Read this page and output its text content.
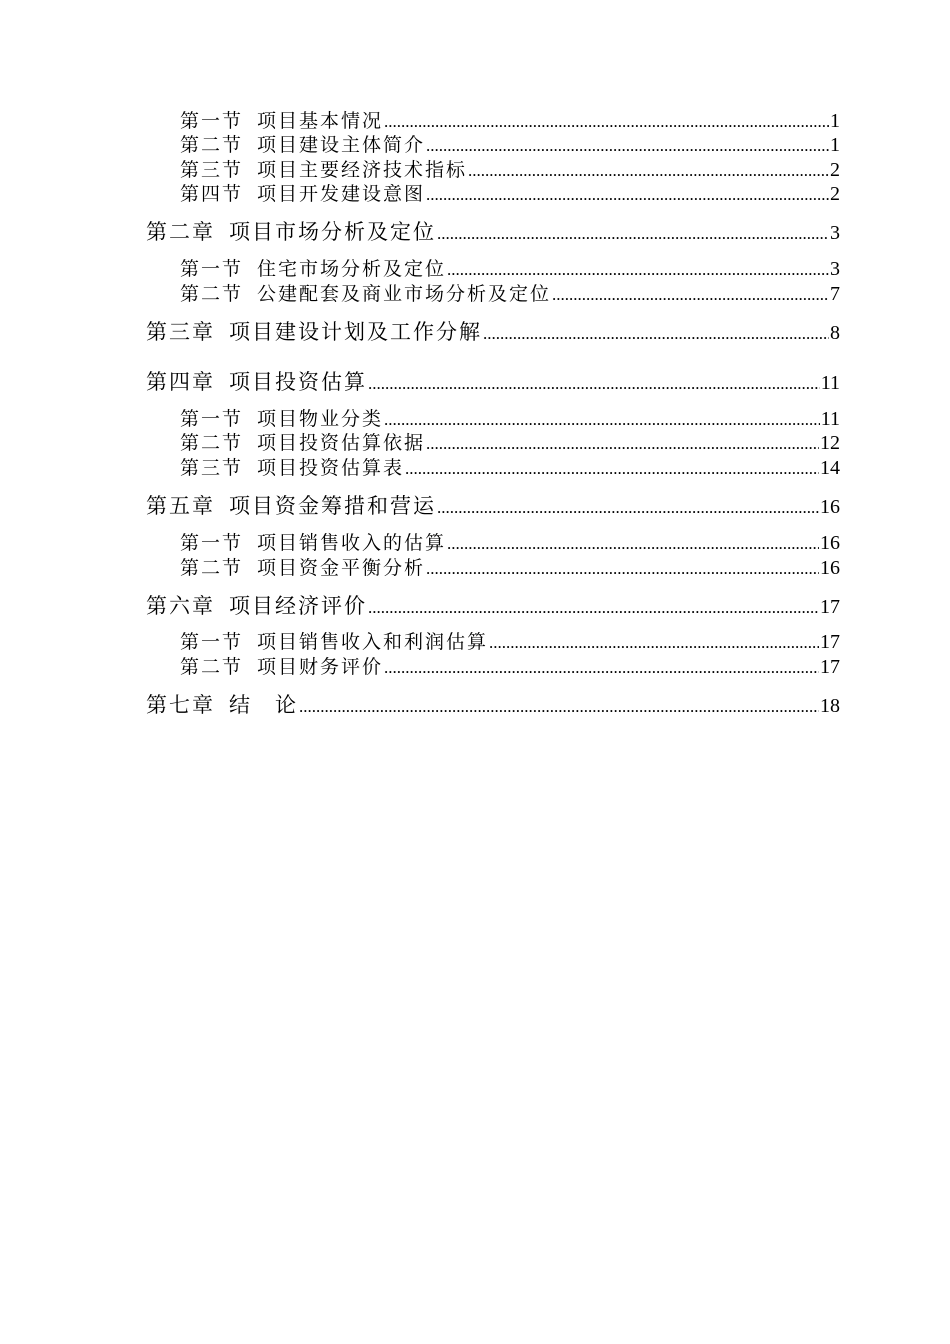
第一节 项目基本情况 .....	1
第二节 项目建设主体简介 .....	1
第三节 项目主要经济技术指标 .....	2
第四节 项目开发建设意图 .....	2
第二章 项目市场分析及定位 .....	3
第一节 住宅市场分析及定位 .....	3
第二节 公建配套及商业市场分析及定位 .....	7
第三章 项目建设计划及工作分解 .....	8
第四章 项目投资估算 .....	11
第一节 项目物业分类 .....	11
第二节 项目投资估算依据 .....	12
第三节 项目投资估算表 .....	14
第五章 项目资金筹措和营运 .....	16
第一节 项目销售收入的估算 .....	16
第二节 项目资金平衡分析 .....	16
第六章 项目经济评价 .....	17
第一节 项目销售收入和利润估算 .....	17
第二节 项目财务评价 .....	17
第七章 结　论 .....	18
